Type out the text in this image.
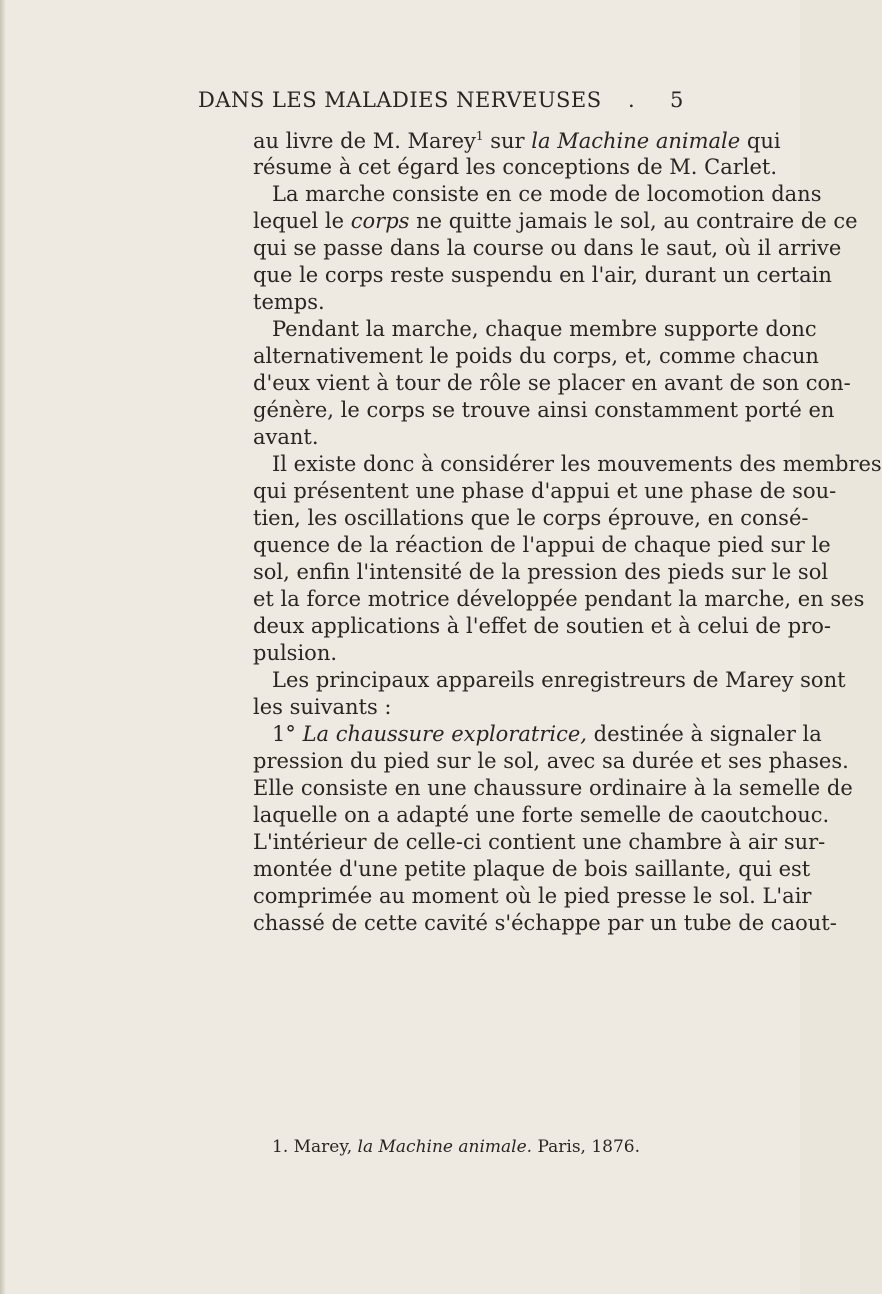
DANS LES MALADIES NERVEUSES	. 5
au livre de M. Marey$^1$ sur la Machine animale qui
résume à cet égard les conceptions de M. Carlet.
La marche consiste en ce mode de locomotion dans
lequel le corps ne quitte jamais le sol, au contraire de ce
qui se passe dans la course ou dans le saut, où il arrive
que le corps reste suspendu en l'air, durant un certain
temps.
Pendant la marche, chaque membre supporte donc
alternativement le poids du corps, et, comme chacun
d'eux vient à tour de rôle se placer en avant de son con-
génère, le corps se trouve ainsi constamment porté en
avant.
Il existe donc à considérer les mouvements des membres
qui présentent une phase d'appui et une phase de sou-
tien, les oscillations que le corps éprouve, en consé-
quence de la réaction de l'appui de chaque pied sur le
sol, enfin l'intensité de la pression des pieds sur le sol
et la force motrice développée pendant la marche, en ses
deux applications à l'effet de soutien et à celui de pro-
pulsion.
Les principaux appareils enregistreurs de Marey sont
les suivants :
1° La chaussure exploratrice, destinée à signaler la
pression du pied sur le sol, avec sa durée et ses phases.
Elle consiste en une chaussure ordinaire à la semelle de
laquelle on a adapté une forte semelle de caoutchouc.
L'intérieur de celle-ci contient une chambre à air sur-
montée d'une petite plaque de bois saillante, qui est
comprimée au moment où le pied presse le sol. L'air
chassé de cette cavité s'échappe par un tube de caout-
1. Marey, la Machine animale. Paris, 1876.
